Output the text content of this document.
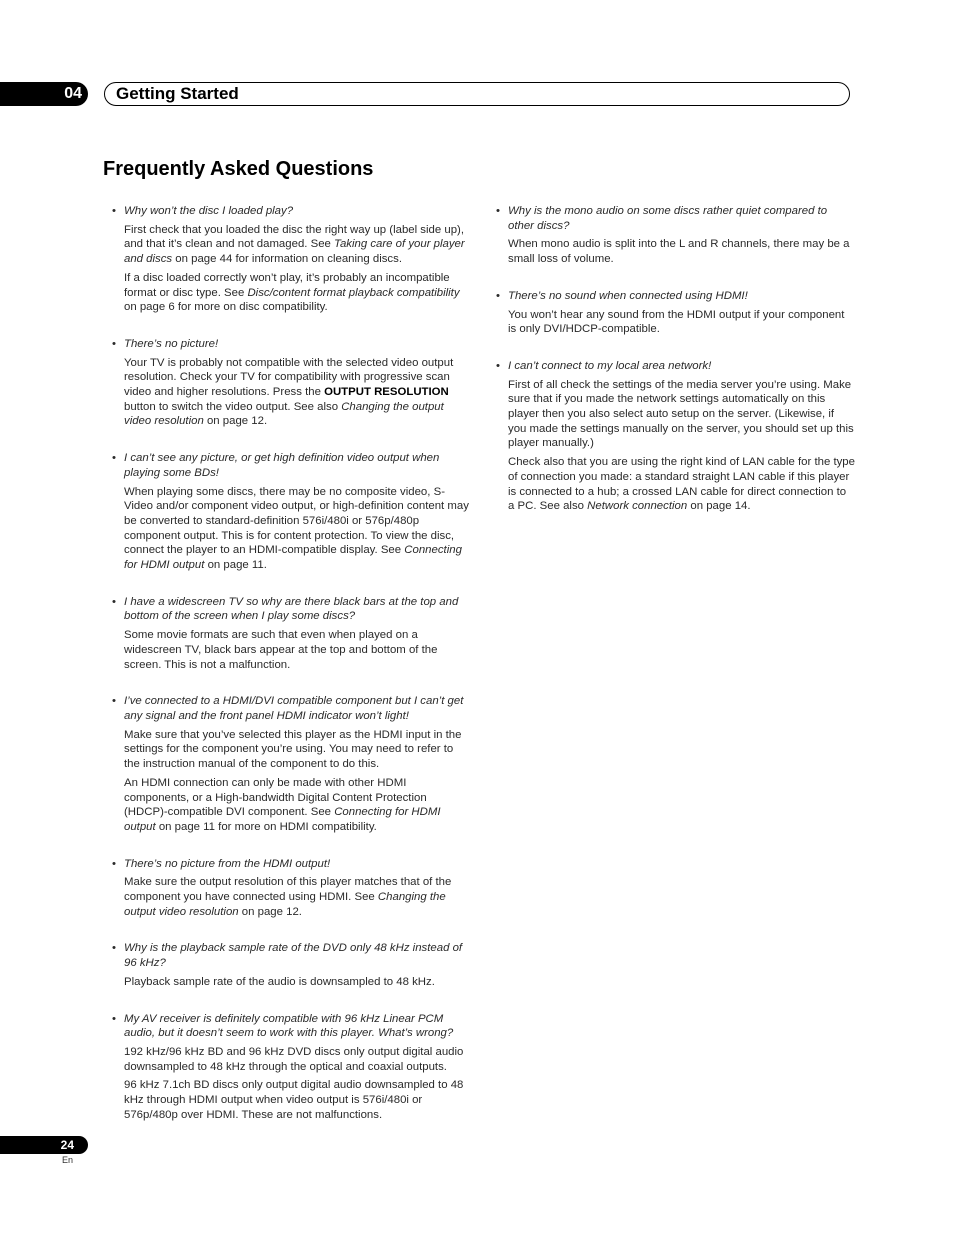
04	Getting Started
Frequently Asked Questions
• Why won’t the disc I loaded play?

First check that you loaded the disc the right way up (label side up), and that it’s clean and not damaged. See Taking care of your player and discs on page 44 for information on cleaning discs.

If a disc loaded correctly won’t play, it’s probably an incompatible format or disc type. See Disc/content format playback compatibility on page 6 for more on disc compatibility.

• There’s no picture!

Your TV is probably not compatible with the selected video output resolution. Check your TV for compatibility with progressive scan video and higher resolutions. Press the OUTPUT RESOLUTION button to switch the video output. See also Changing the output video resolution on page 12.

• I can’t see any picture, or get high definition video output when playing some BDs!

When playing some discs, there may be no composite video, S-Video and/or component video output, or high-definition content may be converted to standard-definition 576i/480i or 576p/480p component output. This is for content protection. To view the disc, connect the player to an HDMI-compatible display. See Connecting for HDMI output on page 11.

• I have a widescreen TV so why are there black bars at the top and bottom of the screen when I play some discs?

Some movie formats are such that even when played on a widescreen TV, black bars appear at the top and bottom of the screen. This is not a malfunction.

• I’ve connected to a HDMI/DVI compatible component but I can’t get any signal and the front panel HDMI indicator won’t light!

Make sure that you’ve selected this player as the HDMI input in the settings for the component you’re using. You may need to refer to the instruction manual of the component to do this.

An HDMI connection can only be made with other HDMI components, or a High-bandwidth Digital Content Protection (HDCP)-compatible DVI component. See Connecting for HDMI output on page 11 for more on HDMI compatibility.

• There’s no picture from the HDMI output!

Make sure the output resolution of this player matches that of the component you have connected using HDMI. See Changing the output video resolution on page 12.

• Why is the playback sample rate of the DVD only 48 kHz instead of 96 kHz?

Playback sample rate of the audio is downsampled to 48 kHz.

• My AV receiver is definitely compatible with 96 kHz Linear PCM audio, but it doesn’t seem to work with this player. What’s wrong?

192 kHz/96 kHz BD and 96 kHz DVD discs only output digital audio downsampled to 48 kHz through the optical and coaxial outputs.

96 kHz 7.1ch BD discs only output digital audio downsampled to 48 kHz through HDMI output when video output is 576i/480i or 576p/480p over HDMI. These are not malfunctions.

• Why is the mono audio on some discs rather quiet compared to other discs?

When mono audio is split into the L and R channels, there may be a small loss of volume.

• There’s no sound when connected using HDMI!

You won’t hear any sound from the HDMI output if your component is only DVI/HDCP-compatible.

• I can’t connect to my local area network!

First of all check the settings of the media server you’re using. Make sure that if you made the network settings automatically on this player then you also select auto setup on the server. (Likewise, if you made the settings manually on the server, you should set up this player manually.)

Check also that you are using the right kind of LAN cable for the type of connection you made: a standard straight LAN cable if this player is connected to a hub; a crossed LAN cable for direct connection to a PC. See also Network connection on page 14.

24
En
